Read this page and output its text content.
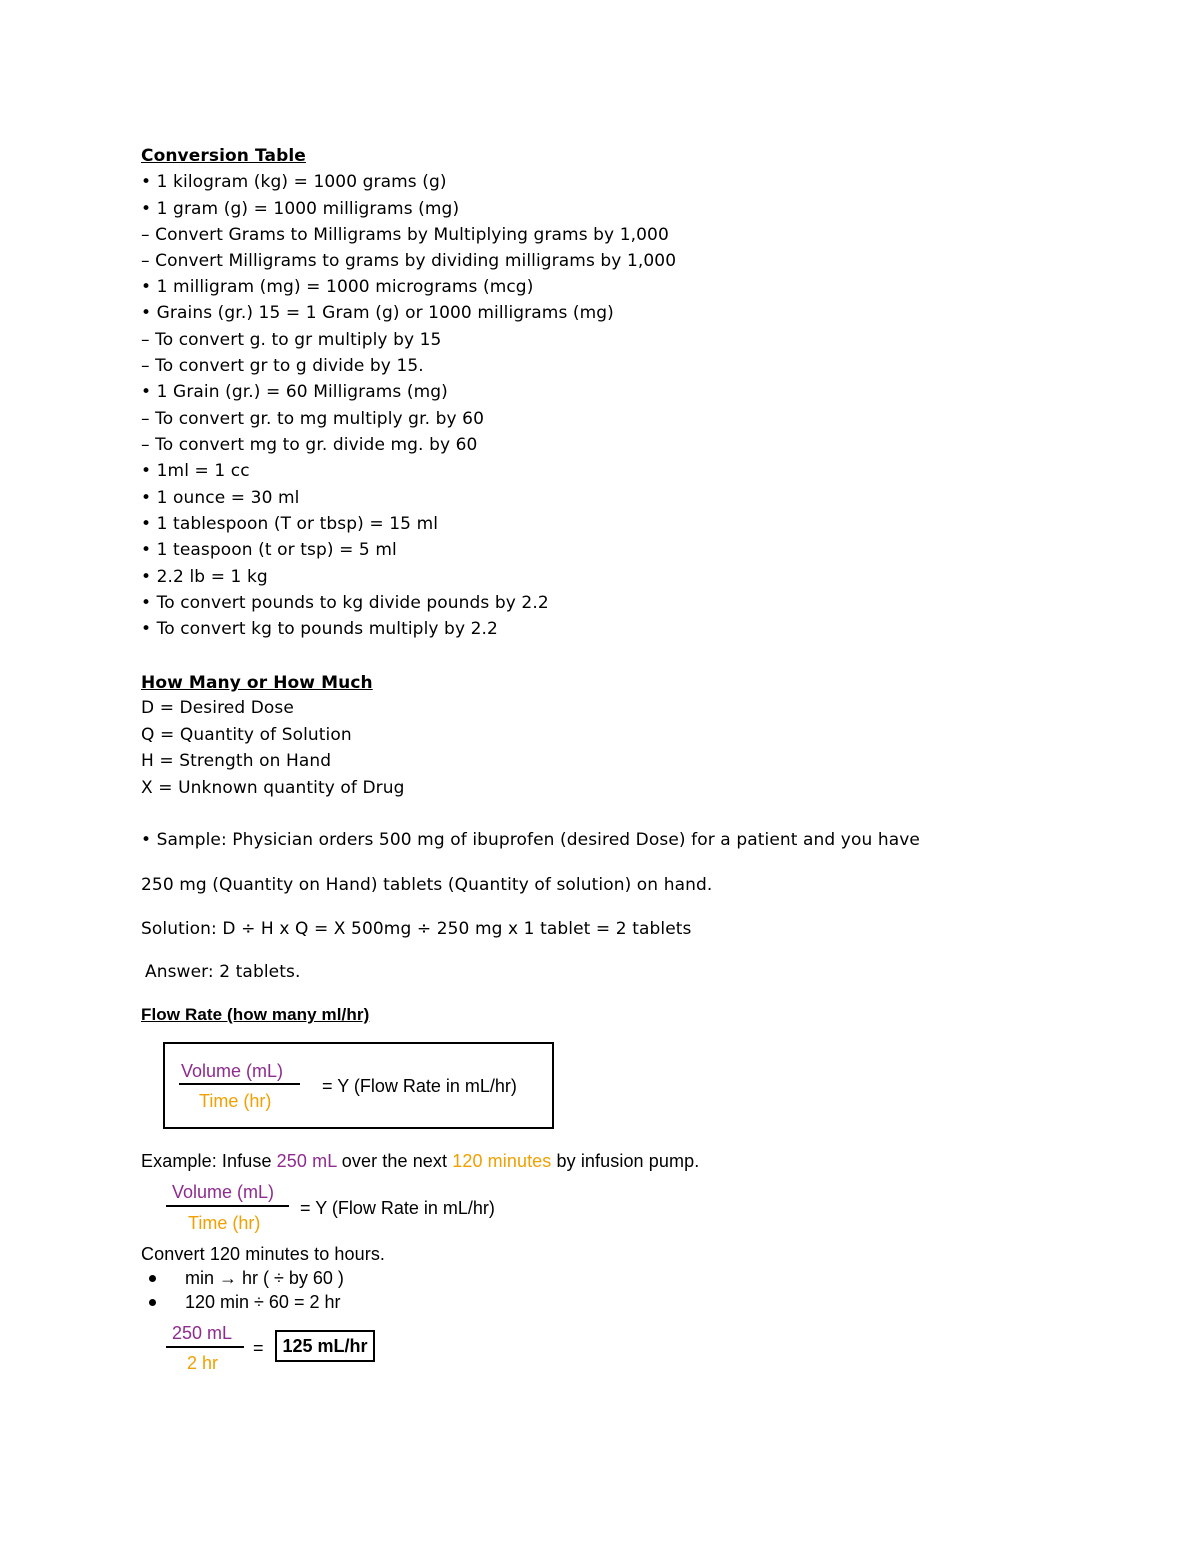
Conversion Table
• 1 kilogram (kg) = 1000 grams (g)
• 1 gram (g) = 1000 milligrams (mg)
– Convert Grams to Milligrams by Multiplying grams by 1,000
– Convert Milligrams to grams by dividing milligrams by 1,000
• 1 milligram (mg) = 1000 micrograms (mcg)
• Grains (gr.) 15 = 1 Gram (g) or 1000 milligrams (mg)
– To convert g. to gr multiply by 15
– To convert gr to g divide by 15.
• 1 Grain (gr.) = 60 Milligrams (mg)
– To convert gr. to mg multiply gr. by 60
– To convert mg to gr. divide mg. by 60
• 1ml = 1 cc
• 1 ounce = 30 ml
• 1 tablespoon (T or tbsp) = 15 ml
• 1 teaspoon (t or tsp) = 5 ml
• 2.2 lb = 1 kg
• To convert pounds to kg divide pounds by 2.2
• To convert kg to pounds multiply by 2.2
How Many or How Much
D = Desired Dose
Q = Quantity of Solution
H = Strength on Hand
X = Unknown quantity of Drug
• Sample: Physician orders 500 mg of ibuprofen (desired Dose) for a patient and you have
250 mg (Quantity on Hand) tablets (Quantity of solution) on hand.
Solution: D ÷ H x Q = X 500mg ÷ 250 mg x 1 tablet = 2 tablets
Answer: 2 tablets.
Flow Rate (how many ml/hr)
Volume (mL)
Time (hr)
= Y (Flow Rate in mL/hr)
Example: Infuse 250 mL over the next 120 minutes by infusion pump.
Volume (mL)
Time (hr)
= Y (Flow Rate in mL/hr)
Convert 120 minutes to hours.
min → hr ( ÷ by 60 )
120 min ÷ 60 = 2 hr
250 mL
2 hr
=	125 mL/hr
